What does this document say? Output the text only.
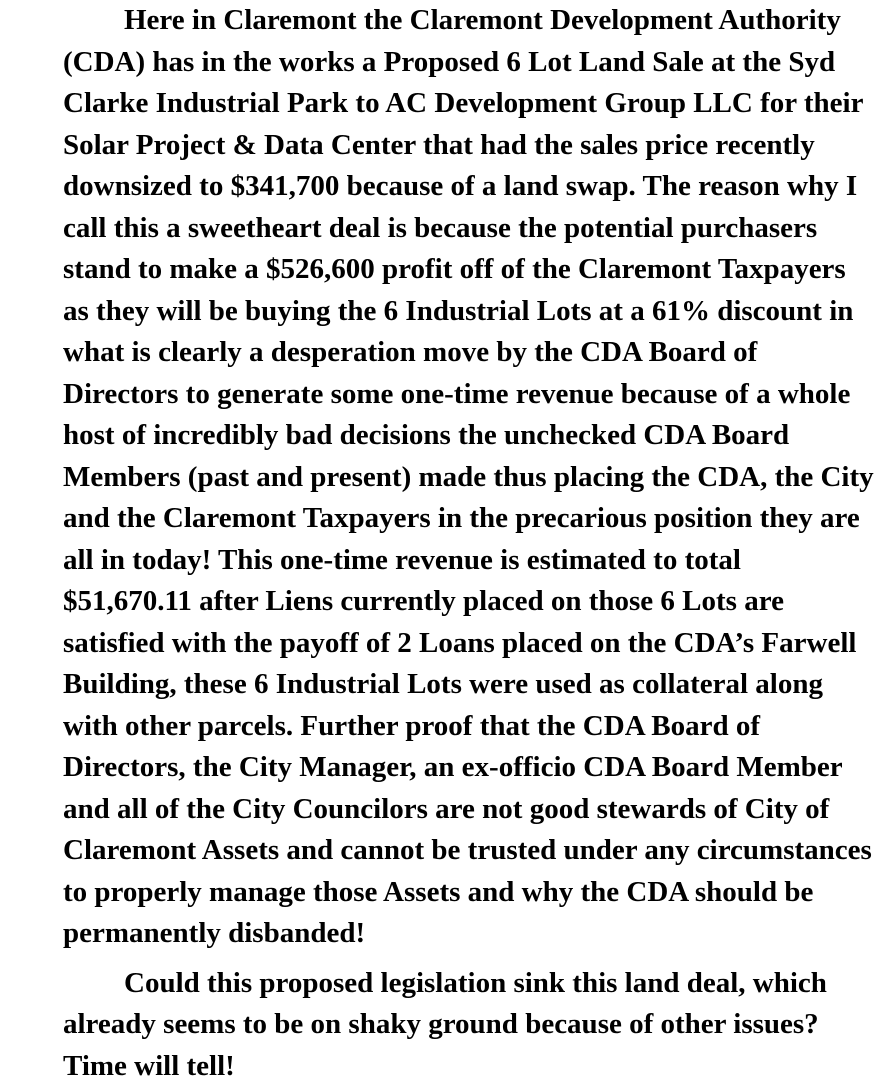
Here in Claremont the Claremont Development Authority
(CDA) has in the works a Proposed 6 Lot Land Sale at the Syd
Clarke Industrial Park to AC Development Group LLC for their
Solar Project & Data Center that had the sales price recently
downsized to $341,700 because of a land swap. The reason why I
call this a sweetheart deal is because the potential purchasers
stand to make a $526,600 profit off of the Claremont Taxpayers
as they will be buying the 6 Industrial Lots at a 61% discount in
what is clearly a desperation move by the CDA Board of
Directors to generate some one-time revenue because of a whole
host of incredibly bad decisions the unchecked CDA Board
Members (past and present) made thus placing the CDA, the City
and the Claremont Taxpayers in the precarious position they are
all in today! This one-time revenue is estimated to total
$51,670.11 after Liens currently placed on those 6 Lots are
satisfied with the payoff of 2 Loans placed on the CDA’s Farwell
Building, these 6 Industrial Lots were used as collateral along
with other parcels. Further proof that the CDA Board of
Directors, the City Manager, an ex-officio CDA Board Member
and all of the City Councilors are not good stewards of City of
Claremont Assets and cannot be trusted under any circumstances
to properly manage those Assets and why the CDA should be
permanently disbanded!
Could this proposed legislation sink this land deal, which
already seems to be on shaky ground because of other issues?
Time will tell!
